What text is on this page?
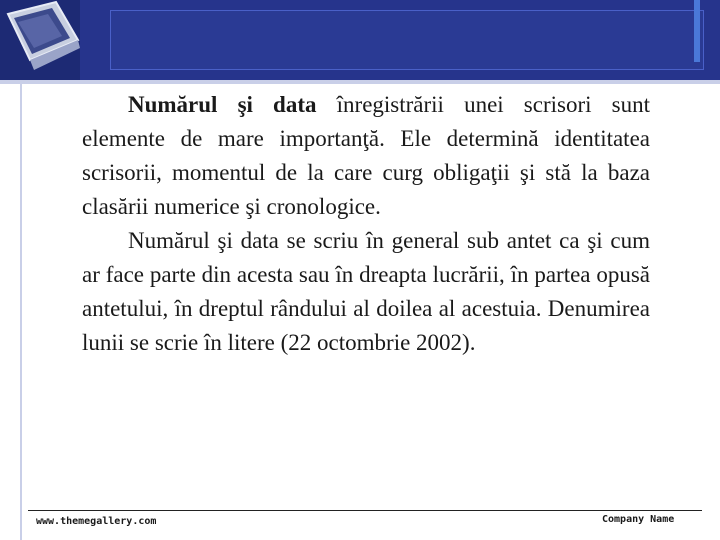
Numărul şi data înregistrării unei scrisori sunt elemente de mare importanţă. Ele determină identitatea scrisorii, momentul de la care curg obligaţii şi stă la baza clasării numerice şi cronologice.

Numărul şi data se scriu în general sub antet ca şi cum ar face parte din acesta sau în dreapta lucrării, în partea opusă antetului, în dreptul rândului al doilea al acestuia. Denumirea lunii se scrie în litere (22 octombrie 2002).

www.themegallery.com	Company Name
